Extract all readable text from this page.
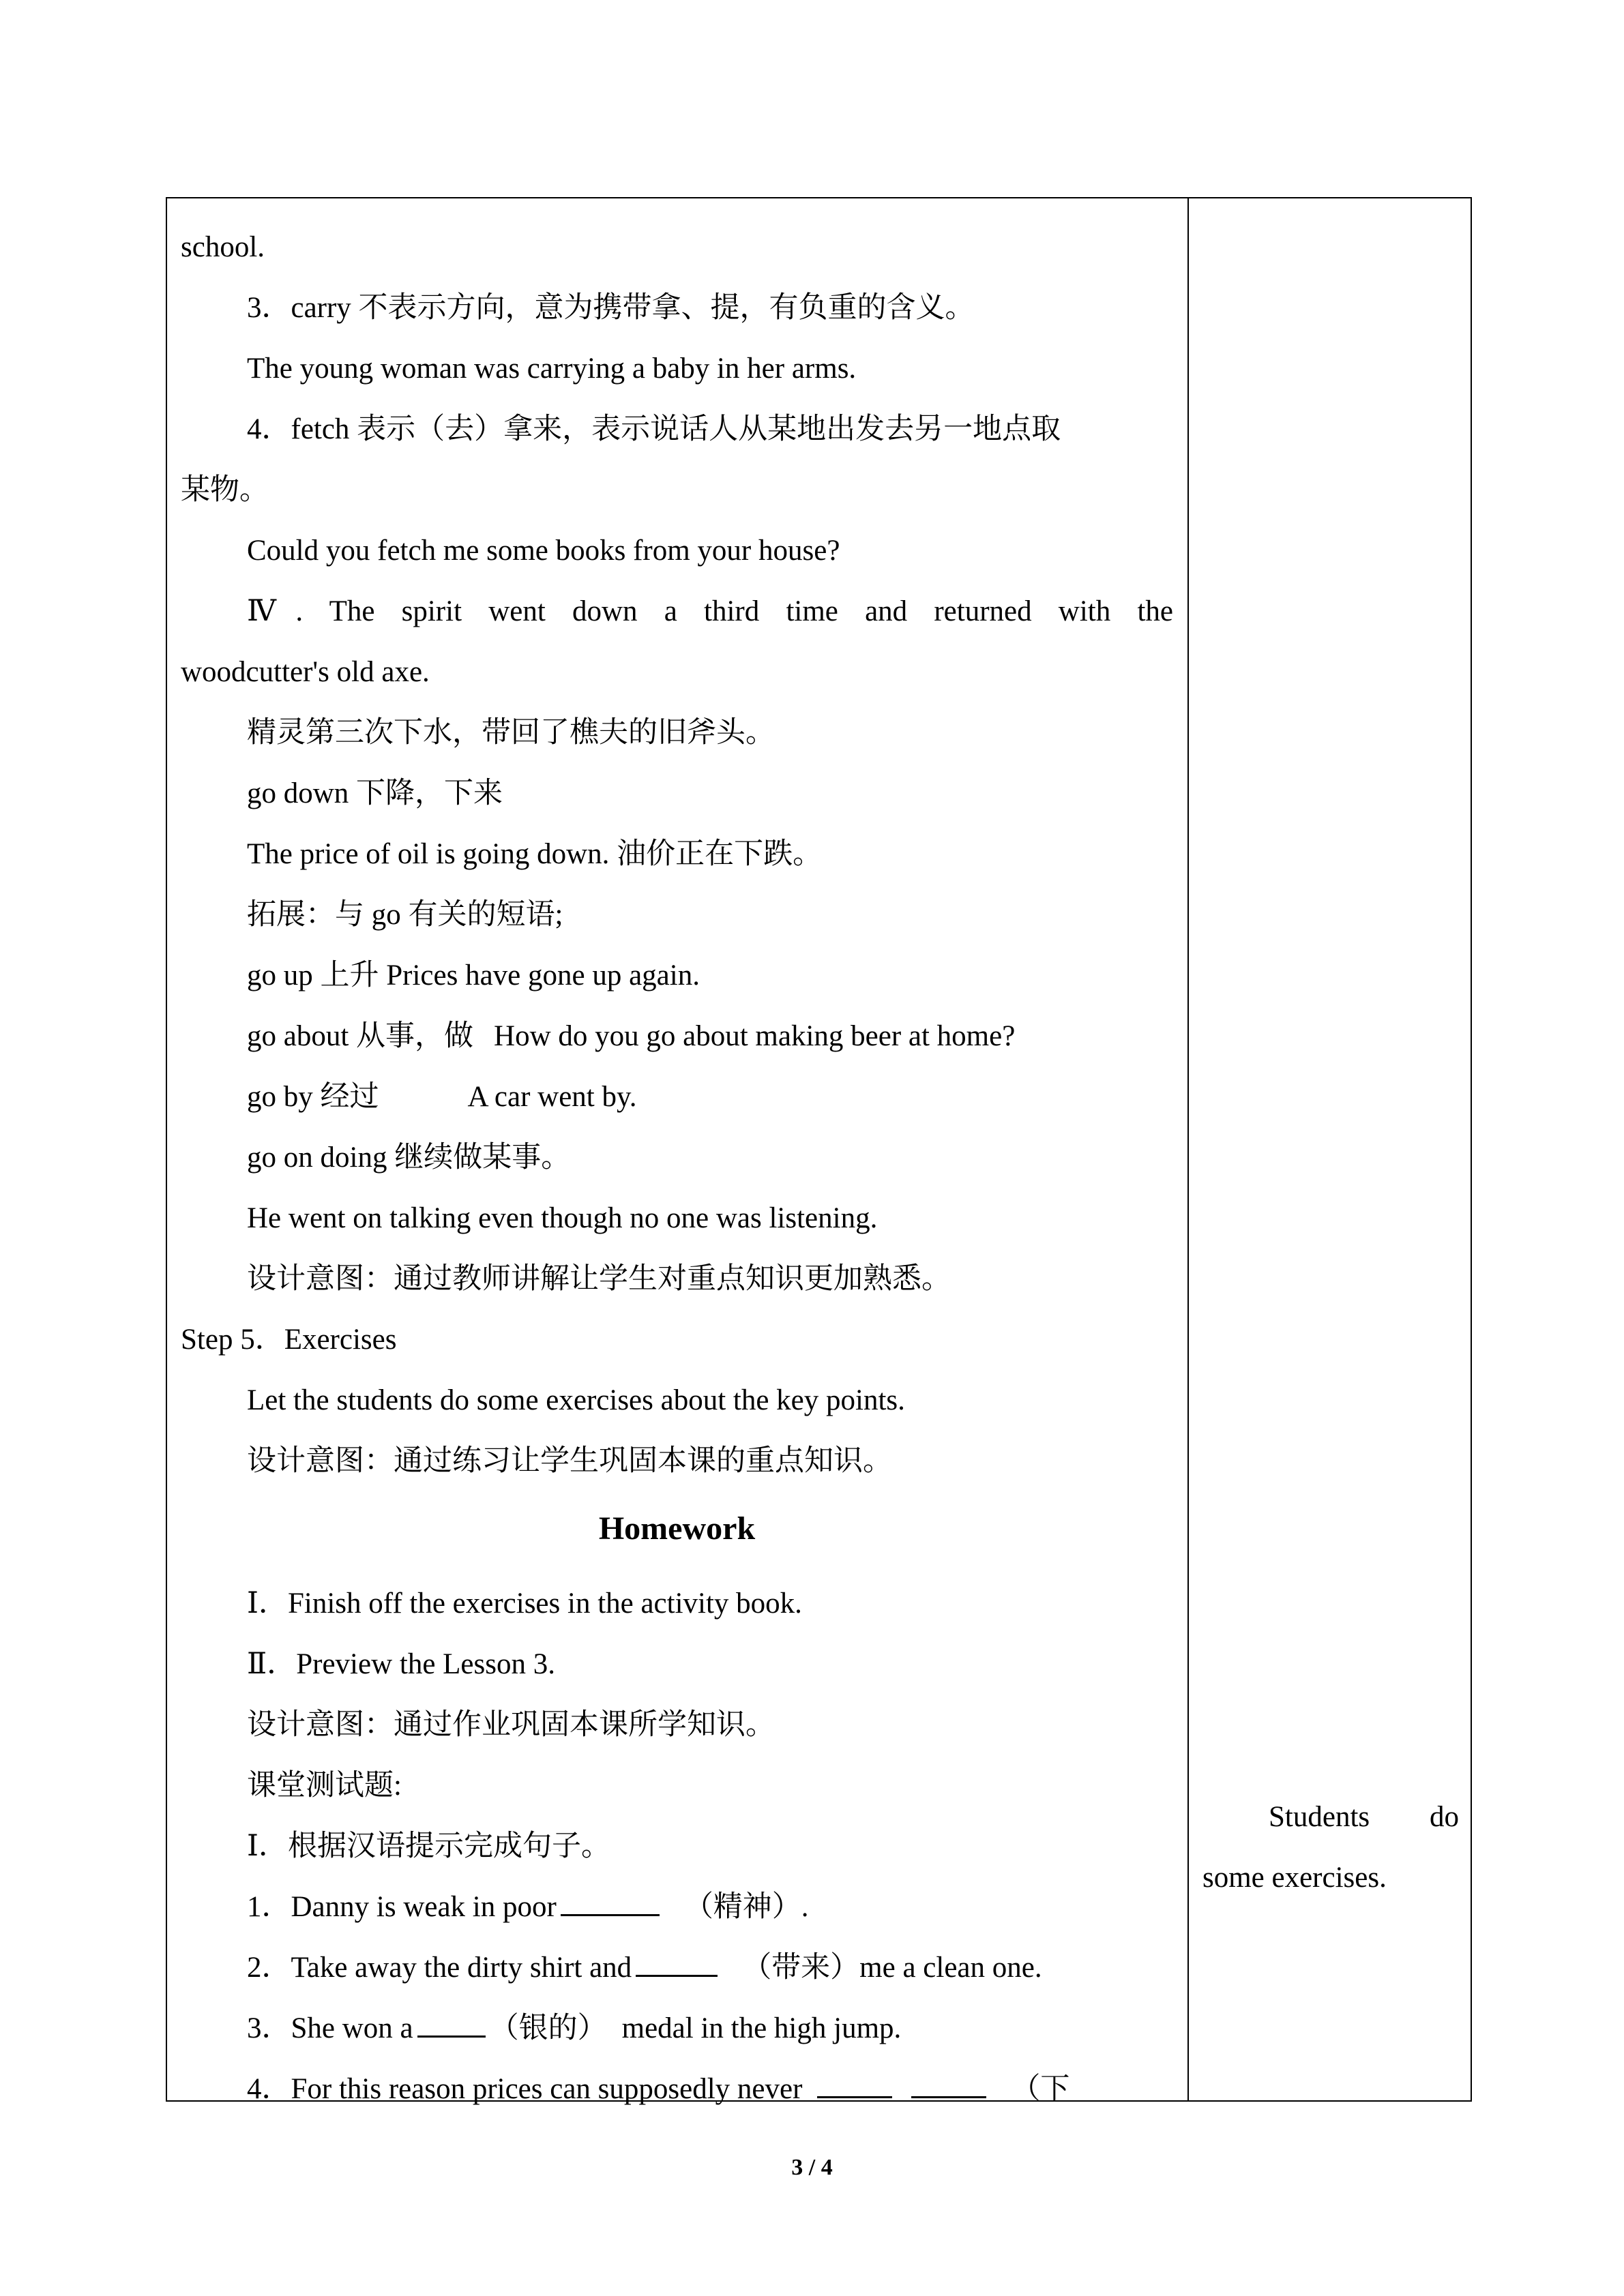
school.
3．carry 不表示方向，意为携带拿、提，有负重的含义。
The young woman was carrying a baby in her arms.
4．fetch 表示（去）拿来，表示说话人从某地出发去另一地点取
某物。
Could you fetch me some books from your house?
Ⅳ. The spirit went down a third time and returned with the
woodcutter's old axe.
精灵第三次下水，带回了樵夫的旧斧头。
go down 下降，下来
The price of oil is going down. 油价正在下跌。
拓展：与 go 有关的短语;
go up 上升 Prices have gone up again.
go about 从事，做 How do you go about making beer at home?
go by 经过	A car went by.
go on doing 继续做某事。
He went on talking even though no one was listening.
设计意图：通过教师讲解让学生对重点知识更加熟悉。
Step 5．Exercises
Let the students do some exercises about the key points.
设计意图：通过练习让学生巩固本课的重点知识。
Homework
Ⅰ．Finish off the exercises in the activity book.
Ⅱ．Preview the Lesson 3.
设计意图：通过作业巩固本课所学知识。
课堂测试题:
Ⅰ．根据汉语提示完成句子。
1．Danny is weak in poor	（精神）.
2．Take away the dirty shirt and	（带来）me a clean one.
3．She won a	（银的） medal in the high jump.
4．For this reason prices can supposedly never	（下
Students do
some exercises.
3 / 4
